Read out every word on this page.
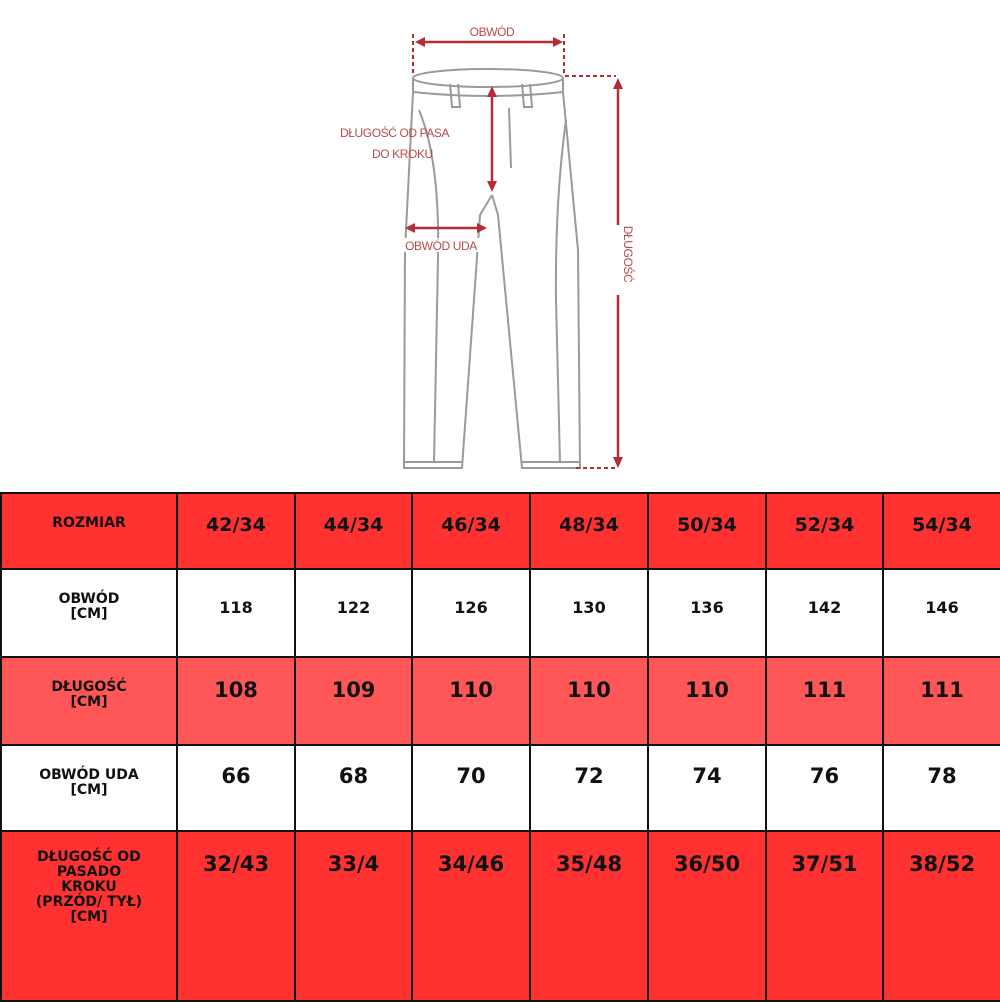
OBWÓD
DŁUGOŚĆ OD PASA
DO KROKU
OBWÓD UDA	DŁUGOŚĆ
ROZMIAR	42/34	44/34	46/34	48/34	50/34	52/34	54/34

OBWÓD
[CM]	118	122	126	130	136	142	146

DŁUGOŚĆ
[CM]	108	109	110	110	110	111	111

OBWÓD UDA
[CM]	66	68	70	72	74	76	78

DŁUGOŚĆ OD
PASADO
KROKU
(PRZÓD/ TYŁ)
[CM]	32/43	33/4	34/46	35/48	36/50	37/51	38/52
